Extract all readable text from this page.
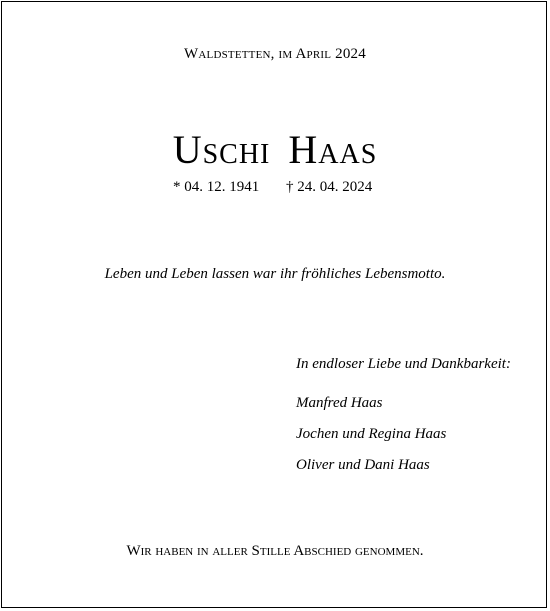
Waldstetten, im April 2024
Uschi Haas
* 04. 12. 1941 † 24. 04. 2024
Leben und Leben lassen war ihr fröhliches Lebensmotto.

In endloser Liebe und Dankbarkeit:

Manfred Haas

Jochen und Regina Haas

Oliver und Dani Haas

Wir haben in aller Stille Abschied genommen.
